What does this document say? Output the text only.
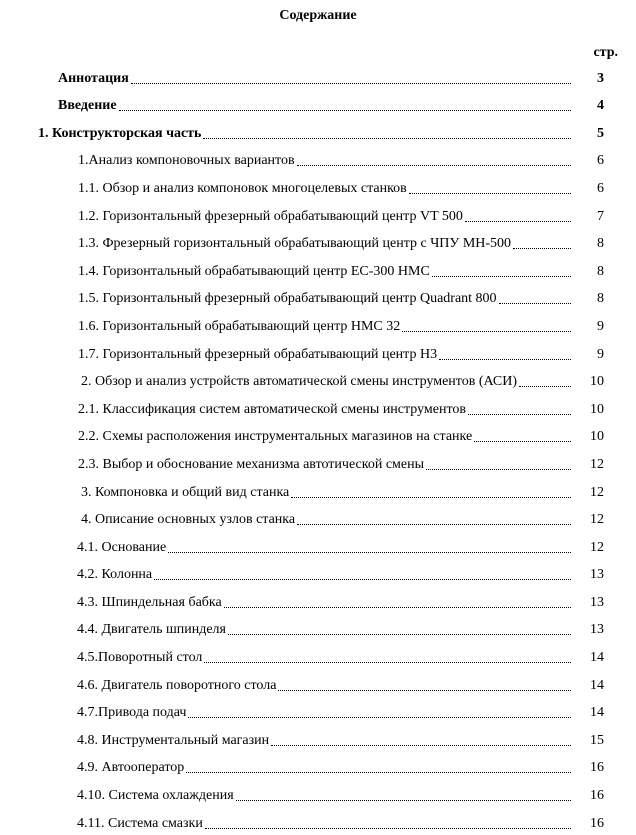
Содержание
стр.
Аннотация	3
Введение	4
1. Конструкторская часть	5
1.Анализ компоновочных вариантов	6
1.1. Обзор и анализ компоновок многоцелевых станков	6
1.2. Горизонтальный фрезерный обрабатывающий центр VT 500	7
1.3. Фрезерный горизонтальный обрабатывающий центр с ЧПУ МН-500	8
1.4. Горизонтальный обрабатывающий центр EC-300 HMC	8
1.5. Горизонтальный фрезерный обрабатывающий центр Quadrant 800	8
1.6. Горизонтальный обрабатывающий центр HMC 32	9
1.7. Горизонтальный фрезерный обрабатывающий центр H3	9
2. Обзор и анализ устройств автоматической смены инструментов (АСИ)	10
2.1. Классификация систем автоматической смены инструментов	10
2.2. Схемы расположения инструментальных магазинов на станке	10
2.3. Выбор и обоснование механизма автотической смены	12
3. Компоновка и общий вид станка	12
4. Описание основных узлов станка	12
4.1. Основание	12
4.2. Колонна	13
4.3. Шпиндельная бабка	13
4.4. Двигатель шпинделя	13
4.5.Поворотный стол	14
4.6. Двигатель поворотного стола	14
4.7.Привода подач	14
4.8. Инструментальный магазин	15
4.9. Автооператор	16
4.10. Система охлаждения	16
4.11. Система смазки	16
